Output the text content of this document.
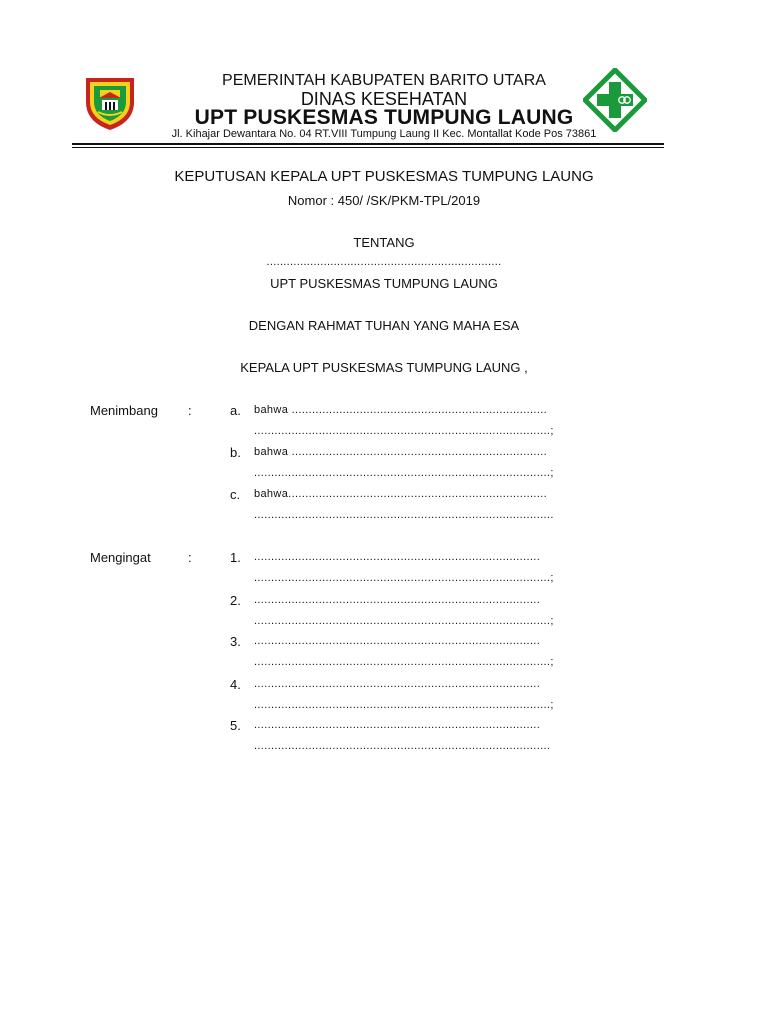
PEMERINTAH KABUPATEN BARITO UTARA
DINAS KESEHATAN
UPT PUSKESMAS TUMPUNG LAUNG
Jl. Kihajar Dewantara No. 04 RT.VIII Tumpung Laung II Kec. Montallat Kode Pos 73861
KEPUTUSAN KEPALA UPT PUSKESMAS TUMPUNG LAUNG
Nomor : 450/ /SK/PKM-TPL/2019
TENTANG
......................................................................
UPT PUSKESMAS TUMPUNG LAUNG
DENGAN RAHMAT TUHAN YANG MAHA ESA
KEPALA UPT PUSKESMAS TUMPUNG LAUNG ,
Menimbang :	a. bahwa ...........................................................................
.......................................................................................;
b. bahwa ...........................................................................
.......................................................................................;
c. bahwa............................................................................
........................................................................................
Mengingat	:	1. ....................................................................................
.......................................................................................;
2. ....................................................................................
.......................................................................................;
3. ....................................................................................
.......................................................................................;
4. ....................................................................................
.......................................................................................;
5. ....................................................................................
.......................................................................................
